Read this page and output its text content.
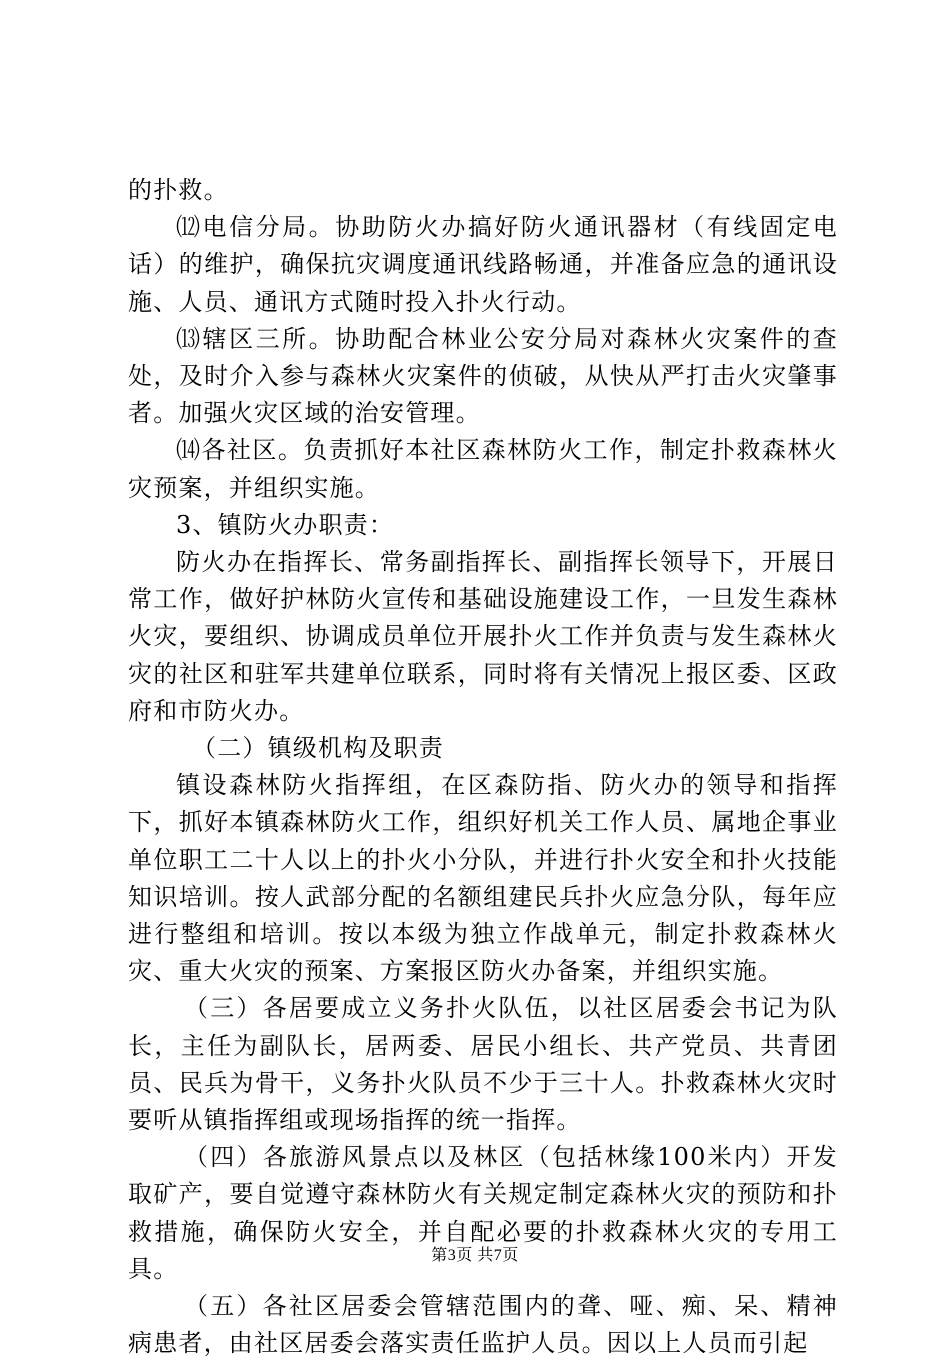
的扑救。

⑿电信分局。协助防火办搞好防火通讯器材（有线固定电话）的维护，确保抗灾调度通讯线路畅通，并准备应急的通讯设施、人员、通讯方式随时投入扑火行动。

⒀辖区三所。协助配合林业公安分局对森林火灾案件的查处，及时介入参与森林火灾案件的侦破，从快从严打击火灾肇事者。加强火灾区域的治安管理。

⒁各社区。负责抓好本社区森林防火工作，制定扑救森林火灾预案，并组织实施。

3、镇防火办职责：

防火办在指挥长、常务副指挥长、副指挥长领导下，开展日常工作，做好护林防火宣传和基础设施建设工作，一旦发生森林火灾，要组织、协调成员单位开展扑火工作并负责与发生森林火灾的社区和驻军共建单位联系，同时将有关情况上报区委、区政府和市防火办。

（二）镇级机构及职责

镇设森林防火指挥组，在区森防指、防火办的领导和指挥下，抓好本镇森林防火工作，组织好机关工作人员、属地企事业单位职工二十人以上的扑火小分队，并进行扑火安全和扑火技能知识培训。按人武部分配的名额组建民兵扑火应急分队，每年应进行整组和培训。按以本级为独立作战单元，制定扑救森林火灾、重大火灾的预案、方案报区防火办备案，并组织实施。

（三）各居要成立义务扑火队伍，以社区居委会书记为队长，主任为副队长，居两委、居民小组长、共产党员、共青团员、民兵为骨干，义务扑火队员不少于三十人。扑救森林火灾时要听从镇指挥组或现场指挥的统一指挥。

（四）各旅游风景点以及林区（包括林缘100米内）开发取矿产，要自觉遵守森林防火有关规定制定森林火灾的预防和扑救措施，确保防火安全，并自配必要的扑救森林火灾的专用工具。

（五）各社区居委会管辖范围内的聋、哑、痴、呆、精神病患者，由社区居委会落实责任监护人员。因以上人员而引起

第3页 共7页
